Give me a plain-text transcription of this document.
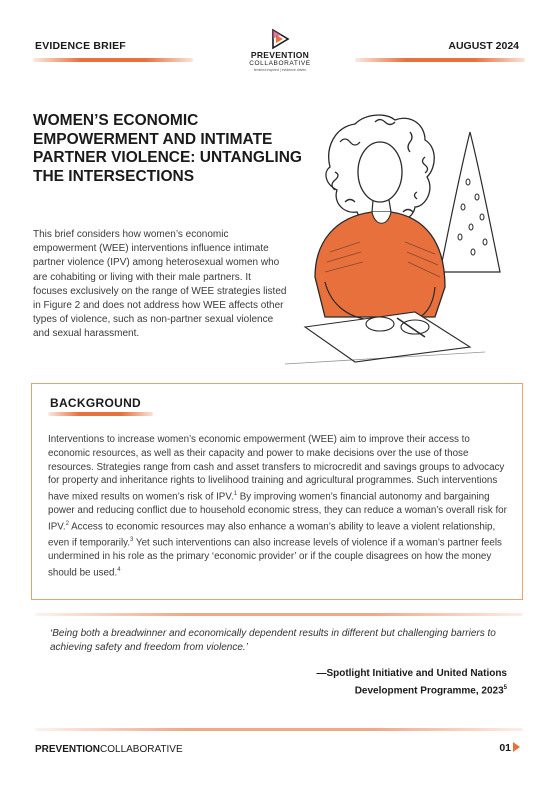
EVIDENCE BRIEF
PREVENTION
COLLABORATIVE
feminist inspired | evidence driven
AUGUST 2024
WOMEN’S ECONOMIC EMPOWERMENT AND INTIMATE PARTNER VIOLENCE: UNTANGLING THE INTERSECTIONS
This brief considers how women’s economic empowerment (WEE) interventions influence intimate partner violence (IPV) among heterosexual women who are cohabiting or living with their male partners. It focuses exclusively on the range of WEE strategies listed in Figure 2 and does not address how WEE affects other types of violence, such as non-partner sexual violence and sexual harassment.
BACKGROUND
Interventions to increase women’s economic empowerment (WEE) aim to improve their access to economic resources, as well as their capacity and power to make decisions over the use of those resources. Strategies range from cash and asset transfers to microcredit and savings groups to advocacy for property and inheritance rights to livelihood training and agricultural programmes. Such interventions have mixed results on women’s risk of IPV.$^1$ By improving women’s financial autonomy and bargaining power and reducing conflict due to household economic stress, they can reduce a woman’s overall risk for IPV.$^2$ Access to economic resources may also enhance a woman’s ability to leave a violent relationship, even if temporarily.$^3$ Yet such interventions can also increase levels of violence if a woman’s partner feels undermined in his role as the primary ‘economic provider’ or if the couple disagrees on how the money should be used.$^4$
‘Being both a breadwinner and economically dependent results in different but challenging barriers to achieving safety and freedom from violence.’
—Spotlight Initiative and United Nations
Development Programme, 2023$^5$
PREVENTIONCOLLABORATIVE	01
